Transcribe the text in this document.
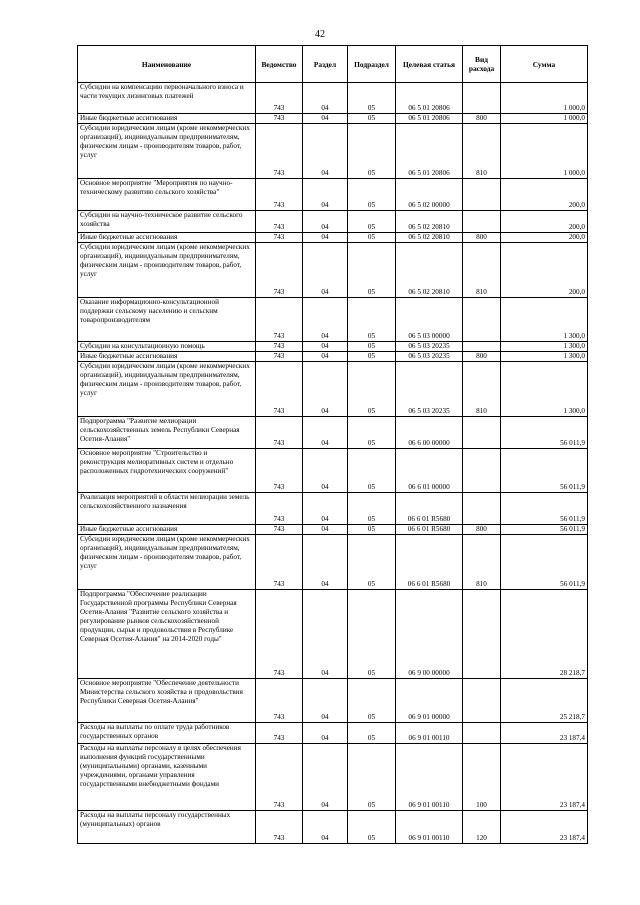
42
Наименование	Ведомство	Раздел	Подраздел	Целевая статья	Вид расхода	Сумма
Субсидии на компенсацию первоначального взноса и части текущих лизинговых платежей	743	04	05	06 5 01 20806		1 000,0
Иные бюджетные ассигнования	743	04	05	06 5 01 20806	800	1 000,0
Субсидии юридическим лицам (кроме некоммерческих организаций), индивидуальным предпринимателям, физическим лицам - производителям товаров, работ, услуг	743	04	05	06 5 01 20806	810	1 000,0
Основное мероприятие "Мероприятия по научно-техническому развитию сельского хозяйства"	743	04	05	06 5 02 00000		200,0
Субсидии на научно-техническое развитие сельского хозяйства	743	04	05	06 5 02 20810		200,0
Иные бюджетные ассигнования	743	04	05	06 5 02 20810	800	200,0
Субсидии юридическим лицам (кроме некоммерческих организаций), индивидуальным предпринимателям, физическим лицам - производителям товаров, работ, услуг	743	04	05	06 5 02 20810	810	200,0
Оказание информационно-консультационной поддержки сельскому населению и сельским товаропроизводителям	743	04	05	06 5 03 00000		1 300,0
Субсидии на консультационную помощь	743	04	05	06 5 03 20235		1 300,0
Иные бюджетные ассигнования	743	04	05	06 5 03 20235	800	1 300,0
Субсидии юридическим лицам (кроме некоммерческих организаций), индивидуальным предпринимателям, физическим лицам - производителям товаров, работ, услуг	743	04	05	06 5 03 20235	810	1 300,0
Подпрограмма "Развитие мелиорации сельскохозяйственных земель Республики Северная Осетия-Алания"	743	04	05	06 6 00 00000		56 011,9
Основное мероприятие "Строительство и реконструкция мелиоративных систем и отдельно расположенных гидротехнических сооружений"	743	04	05	06 6 01 00000		56 011,9
Реализация мероприятий в области мелиорации земель сельскохозяйственного назначения	743	04	05	06 6 01 R5680		56 011,9
Иные бюджетные ассигнования	743	04	05	06 6 01 R5680	800	56 011,9
Субсидии юридическим лицам (кроме некоммерческих организаций), индивидуальным предпринимателям, физическим лицам - производителям товаров, работ, услуг	743	04	05	06 6 01 R5680	810	56 011,9
Подпрограмма "Обеспечение реализации Государственной программы Республики Северная Осетия-Алания "Развитие сельского хозяйства и регулирование рынков сельскохозяйственной продукции, сырья и продовольствия в Республике Северная Осетия-Алания" на 2014-2020 годы"	743	04	05	06 9 00 00000		28 218,7
Основное мероприятие "Обеспечение деятельности Министерства сельского хозяйства и продовольствия Республики Северная Осетия-Алания"	743	04	05	06 9 01 00000		25 218,7
Расходы на выплаты по оплате труда работников государственных органов	743	04	05	06 9 01 00110		23 187,4
Расходы на выплаты персоналу в целях обеспечения выполнения функций государственными (муниципальными) органами, казенными учреждениями, органами управления государственными внебюджетными фондами	743	04	05	06 9 01 00110	100	23 187,4
Расходы на выплаты персоналу государственных (муниципальных) органов	743	04	05	06 9 01 00110	120	23 187,4
